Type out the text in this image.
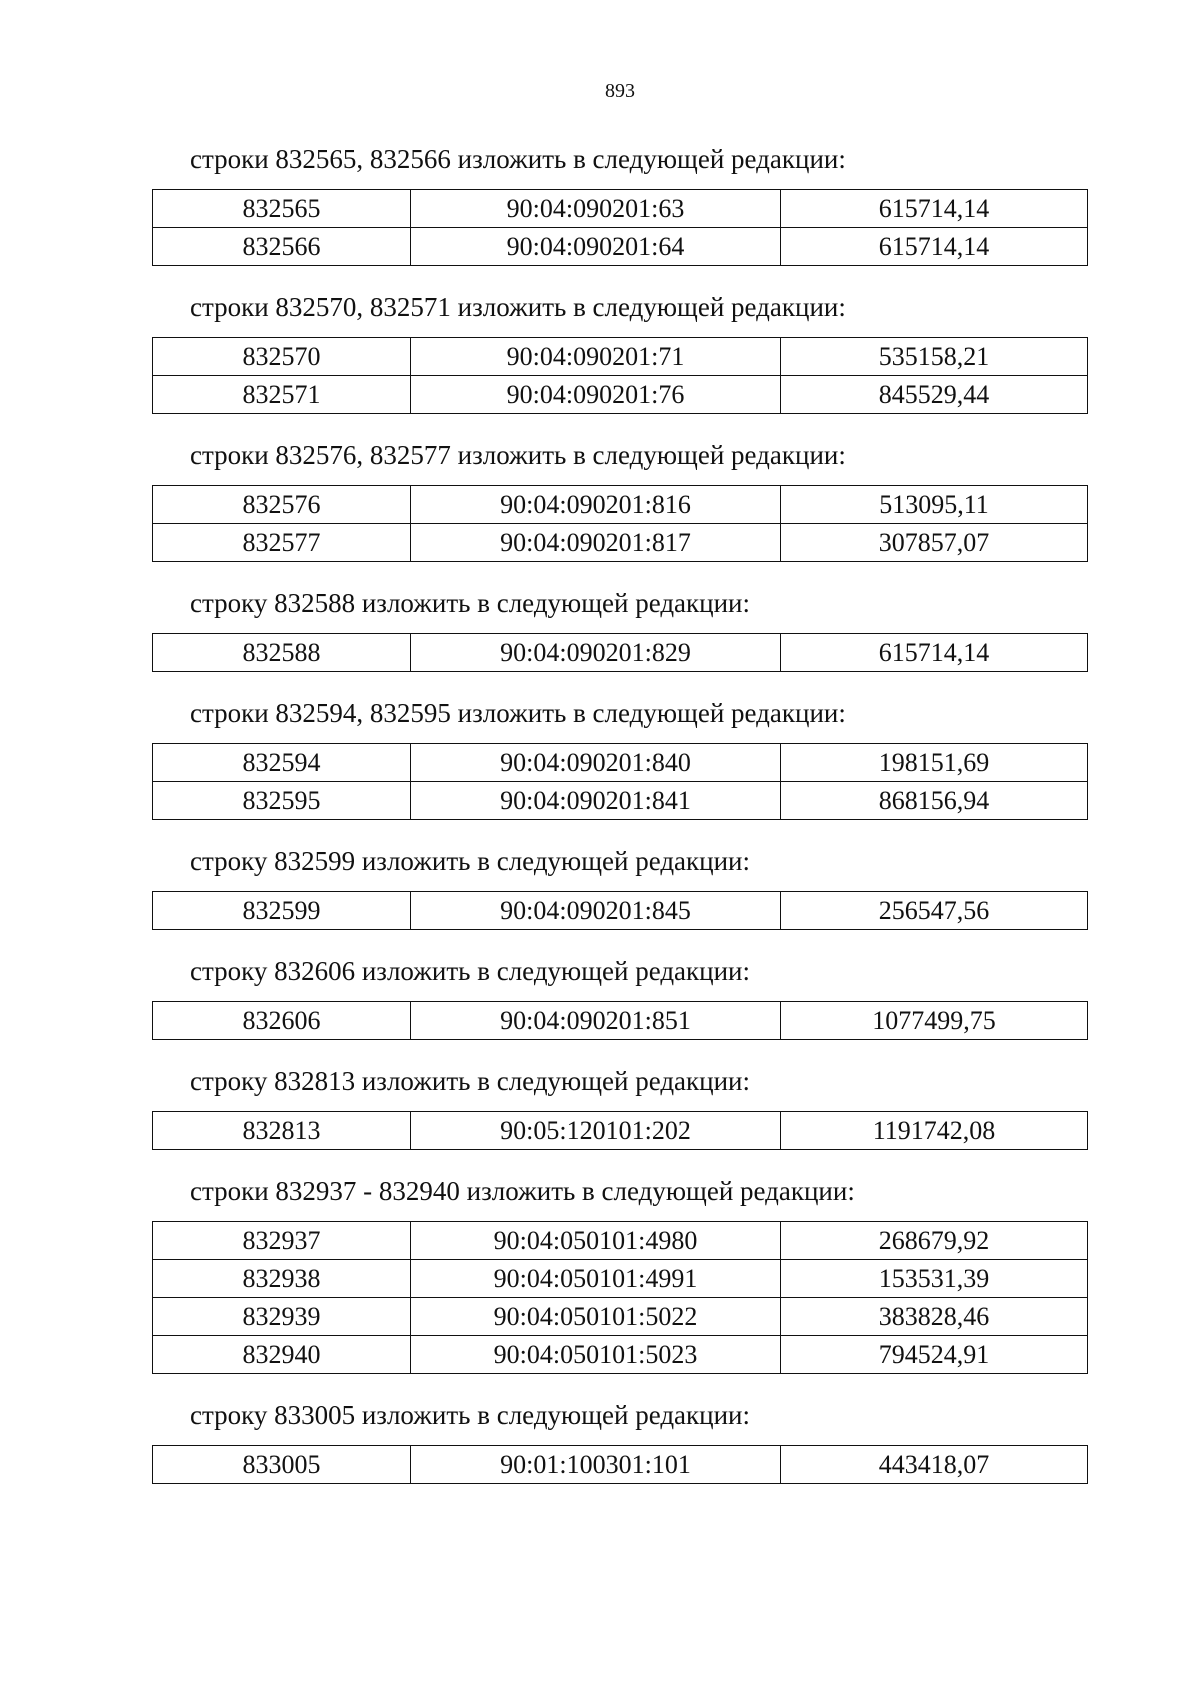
893

строки 832565, 832566 изложить в следующей редакции:

832565	90:04:090201:63	615714,14
832566	90:04:090201:64	615714,14

строки 832570, 832571 изложить в следующей редакции:

832570	90:04:090201:71	535158,21
832571	90:04:090201:76	845529,44

строки 832576, 832577 изложить в следующей редакции:

832576	90:04:090201:816	513095,11
832577	90:04:090201:817	307857,07

строку 832588 изложить в следующей редакции:

832588	90:04:090201:829	615714,14

строки 832594, 832595 изложить в следующей редакции:

832594	90:04:090201:840	198151,69
832595	90:04:090201:841	868156,94

строку 832599 изложить в следующей редакции:

832599	90:04:090201:845	256547,56

строку 832606 изложить в следующей редакции:

832606	90:04:090201:851	1077499,75

строку 832813 изложить в следующей редакции:

832813	90:05:120101:202	1191742,08

строки 832937 - 832940 изложить в следующей редакции:

832937	90:04:050101:4980	268679,92
832938	90:04:050101:4991	153531,39
832939	90:04:050101:5022	383828,46
832940	90:04:050101:5023	794524,91

строку 833005 изложить в следующей редакции:

833005	90:01:100301:101	443418,07
